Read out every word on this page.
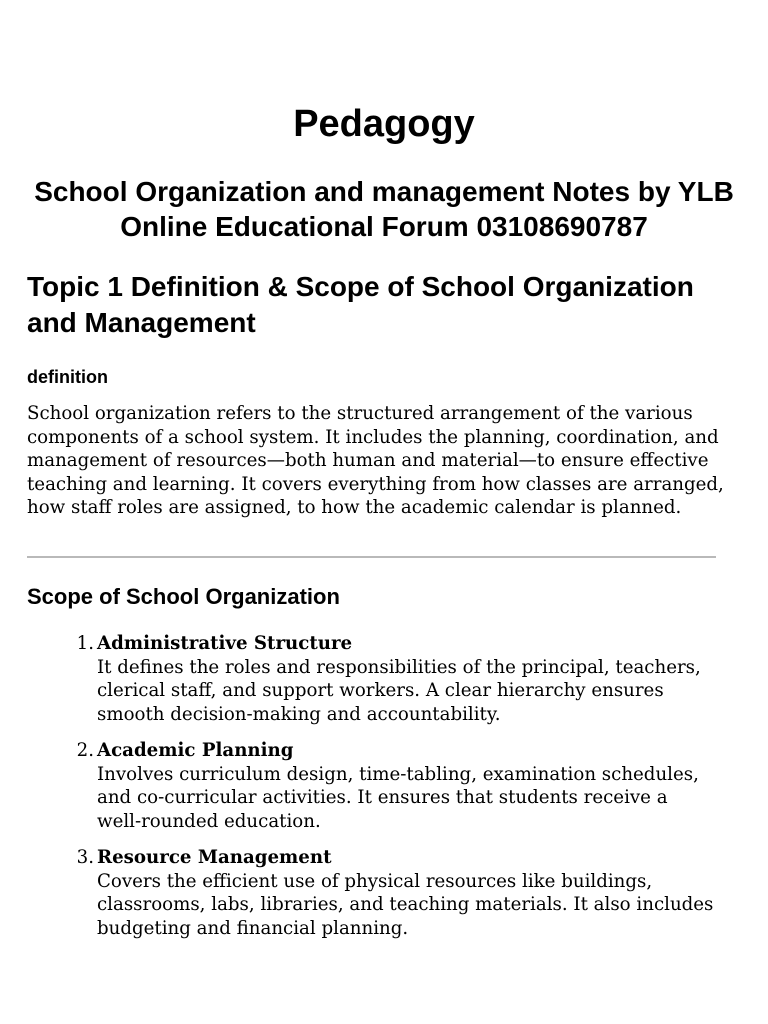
Pedagogy
School Organization and management Notes by YLB Online Educational Forum 03108690787
Topic 1 Definition & Scope of School Organization and Management
definition

School organization refers to the structured arrangement of the various components of a school system. It includes the planning, coordination, and management of resources—both human and material—to ensure effective teaching and learning. It covers everything from how classes are arranged, how staff roles are assigned, to how the academic calendar is planned.

Scope of School Organization
1. Administrative Structure
It defines the roles and responsibilities of the principal, teachers, clerical staff, and support workers. A clear hierarchy ensures smooth decision-making and accountability.
2. Academic Planning
Involves curriculum design, time-tabling, examination schedules, and co-curricular activities. It ensures that students receive a well-rounded education.
3. Resource Management
Covers the efficient use of physical resources like buildings, classrooms, labs, libraries, and teaching materials. It also includes budgeting and financial planning.
